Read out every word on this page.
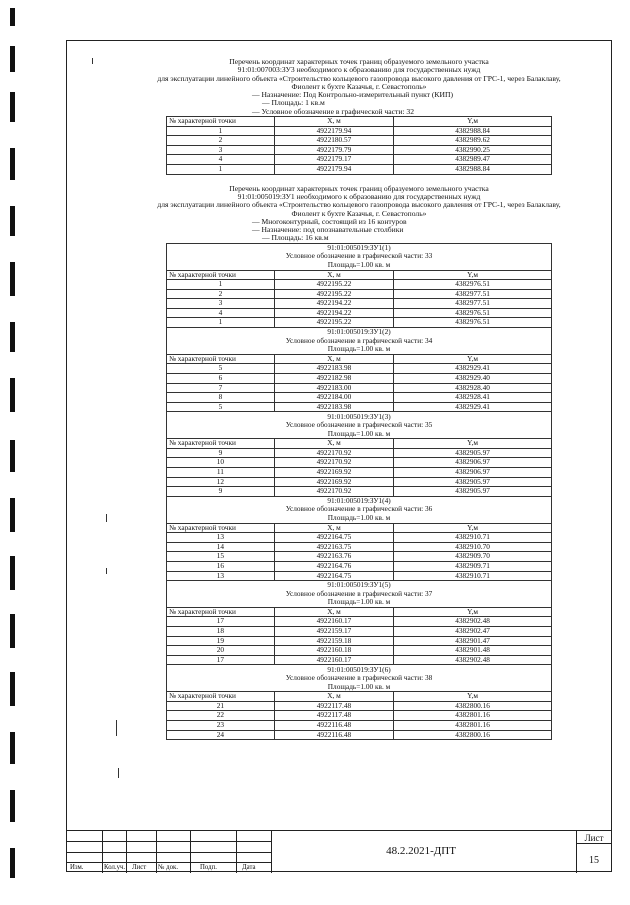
Перечень координат характерных точек границ образуемого земельного участка
91:01:007003:ЗУ3 необходимого к образованию для государственных нужд
для эксплуатации линейного объекта «Строительство кольцевого газопровода высокого давления от ГРС-1, через Балаклаву,
Фиолент к бухте Казачья, г. Севастополь»
— Назначение: Под Контрольно-измерительный пункт (КИП)
— Площадь: 1 кв.м
— Условное обозначение в графической части: 32
№ характерной точки	Х, м	Y,м
1	4922179.94	4382988.84
2	4922180.57	4382989.62
3	4922179.79	4382990.25
4	4922179.17	4382989.47
1	4922179.94	4382988.84
Перечень координат характерных точек границ образуемого земельного участка
91:01:005019:ЗУ1 необходимого к образованию для государственных нужд
для эксплуатации линейного объекта «Строительство кольцевого газопровода высокого давления от ГРС-1, через Балаклаву,
Фиолент к бухте Казачья, г. Севастополь»
— Многоконтурный, состоящий из 16 контуров
— Назначение: под опознавательные столбики
— Площадь: 16 кв.м
91:01:005019:ЗУ1(1)		
Условное обозначение в графической части: 33		
Площадь=1.00 кв. м		
№ характерной точки	Х, м	Y,м
1	4922195.22	4382976.51
2	4922195.22	4382977.51
3	4922194.22	4382977.51
4	4922194.22	4382976.51
1	4922195.22	4382976.51
91:01:005019:ЗУ1(2)		
Условное обозначение в графической части: 34		
Площадь=1.00 кв. м		
№ характерной точки	Х, м	Y,м
5	4922183.98	4382929.41
6	4922182.98	4382929.40
7	4922183.00	4382928.40
8	4922184.00	4382928.41
5	4922183.98	4382929.41
91:01:005019:ЗУ1(3)		
Условное обозначение в графической части: 35		
Площадь=1.00 кв. м		
№ характерной точки	Х, м	Y,м
9	4922170.92	4382905.97
10	4922170.92	4382906.97
11	4922169.92	4382906.97
12	4922169.92	4382905.97
9	4922170.92	4382905.97
91:01:005019:ЗУ1(4)		
Условное обозначение в графической части: 36		
Площадь=1.00 кв. м		
№ характерной точки	Х, м	Y,м
13	4922164.75	4382910.71
14	4922163.75	4382910.70
15	4922163.76	4382909.70
16	4922164.76	4382909.71
13	4922164.75	4382910.71
91:01:005019:ЗУ1(5)		
Условное обозначение в графической части: 37		
Площадь=1.00 кв. м		
№ характерной точки	Х, м	Y,м
17	4922160.17	4382902.48
18	4922159.17	4382902.47
19	4922159.18	4382901.47
20	4922160.18	4382901.48
17	4922160.17	4382902.48
91:01:005019:ЗУ1(6)		
Условное обозначение в графической части: 38		
Площадь=1.00 кв. м		
№ характерной точки	Х, м	Y,м
21	4922117.48	4382800.16
22	4922117.48	4382801.16
23	4922116.48	4382801.16
24	4922116.48	4382800.16
Изм.	Кол.уч. Лист № док.	Подп.	Дата
48.2.2021-ДПТ
Лист
15
